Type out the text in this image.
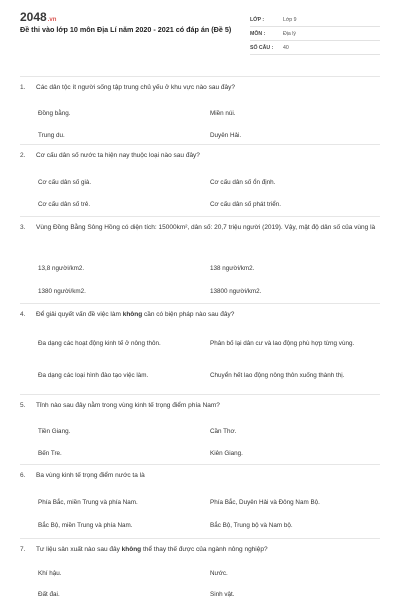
2048.vn
Đề thi vào lớp 10 môn Địa Lí năm 2020 - 2021 có đáp án (Đề 5)
LỚP :	Lớp 9
MÔN :	Địa lý
SỐ CÂU :	40
1.	Các dân tộc ít người sống tập trung chủ yếu ở khu vực nào sau đây?
Đồng bằng.	Miền núi.
Trung du.	Duyên Hải.
2.	Cơ cấu dân số nước ta hiện nay thuộc loại nào sau đây?
Cơ cấu dân số già.	Cơ cấu dân số ổn định.
Cơ cấu dân số trẻ.	Cơ cấu dân số phát triển.
3.	Vùng Đồng Bằng Sông Hồng có diện tích: 15000km², dân số: 20,7 triệu người (2019). Vậy, mật độ dân số của vùng là
13,8 người/km2.	138 người/km2.
1380 người/km2.	13800 người/km2.
4.	Để giải quyết vấn đề việc làm không cần có biện pháp nào sau đây?
Đa dạng các hoạt động kinh tế ở nông thôn.	Phân bố lại dân cư và lao động phù hợp từng vùng.
Đa dạng các loại hình đào tạo việc làm.	Chuyển hết lao động nông thôn xuống thành thị.
5.	Tỉnh nào sau đây nằm trong vùng kinh tế trọng điểm phía Nam?
Tiền Giang.	Cần Thơ.
Bến Tre.	Kiên Giang.
6.	Ba vùng kinh tế trọng điểm nước ta là
Phía Bắc, miền Trung và phía Nam.	Phía Bắc, Duyên Hải và Đông Nam Bộ.
Bắc Bộ, miền Trung và phía Nam.	Bắc Bộ, Trung bộ và Nam bộ.
7.	Tư liệu sản xuất nào sau đây không thể thay thế được của ngành nông nghiệp?
Khí hậu.	Nước.
Đất đai.	Sinh vật.
